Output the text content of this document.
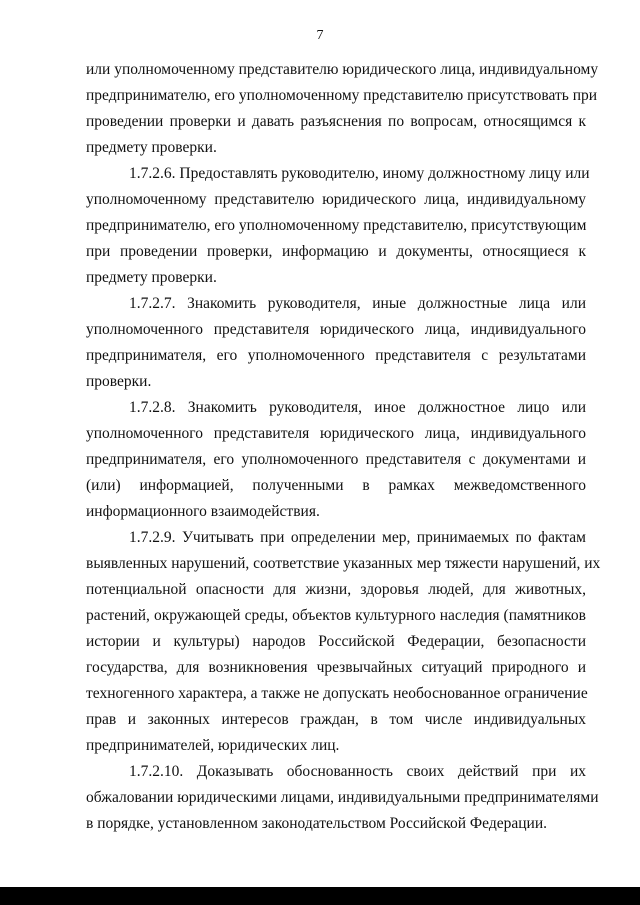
7
или уполномоченному представителю юридического лица, индивидуальному
предпринимателю, его уполномоченному представителю присутствовать при
проведении проверки и давать разъяснения по вопросам, относящимся к
предмету проверки.
1.7.2.6. Предоставлять руководителю, иному должностному лицу или
уполномоченному представителю юридического лица, индивидуальному
предпринимателю, его уполномоченному представителю, присутствующим
при проведении проверки, информацию и документы, относящиеся к
предмету проверки.
1.7.2.7. Знакомить руководителя, иные должностные лица или
уполномоченного представителя юридического лица, индивидуального
предпринимателя, его уполномоченного представителя с результатами
проверки.
1.7.2.8. Знакомить руководителя, иное должностное лицо или
уполномоченного представителя юридического лица, индивидуального
предпринимателя, его уполномоченного представителя с документами и
(или) информацией, полученными в рамках межведомственного
информационного взаимодействия.
1.7.2.9. Учитывать при определении мер, принимаемых по фактам
выявленных нарушений, соответствие указанных мер тяжести нарушений, их
потенциальной опасности для жизни, здоровья людей, для животных,
растений, окружающей среды, объектов культурного наследия (памятников
истории и культуры) народов Российской Федерации, безопасности
государства, для возникновения чрезвычайных ситуаций природного и
техногенного характера, а также не допускать необоснованное ограничение
прав и законных интересов граждан, в том числе индивидуальных
предпринимателей, юридических лиц.
1.7.2.10. Доказывать обоснованность своих действий при их
обжаловании юридическими лицами, индивидуальными предпринимателями
в порядке, установленном законодательством Российской Федерации.
